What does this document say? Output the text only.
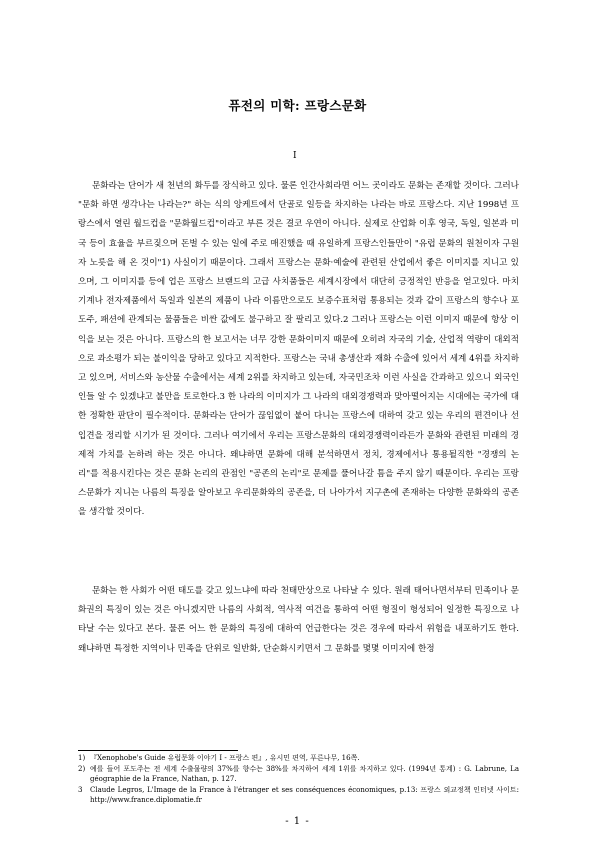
퓨전의 미학: 프랑스문화
I

문화라는 단어가 새 천년의 화두를 장식하고 있다. 물론 인간사회라면 어느 곳이라도 문화는 존재할 것이다. 그러나 "문화 하면 생각나는 나라는?" 하는 식의 앙케트에서 단골로 일등을 차지하는 나라는 바로 프랑스다. 지난 1998년 프랑스에서 열린 월드컵을 "문화월드컵"이라고 부른 것은 결코 우연이 아니다. 실제로 산업화 이후 영국, 독일, 일본과 미국 등이 효율을 부르짖으며 돈벌 수 있는 일에 주로 매진했을 때 유일하게 프랑스인들만이 "유럽 문화의 원천이자 구원자 노릇을 해 온 것이"1) 사실이기 때문이다. 그래서 프랑스는 문화·예술에 관련된 산업에서 좋은 이미지를 지니고 있으며, 그 이미지를 등에 업은 프랑스 브랜드의 고급 사치품들은 세계시장에서 대단히 긍정적인 반응을 얻고있다. 마치 기계나 전자제품에서 독일과 일본의 제품이 나라 이름만으로도 보증수표처럼 통용되는 것과 같이 프랑스의 향수나 포도주, 패션에 관계되는 물품들은 비싼 값에도 불구하고 잘 팔리고 있다.2 그러나 프랑스는 이런 이미지 때문에 항상 이익을 보는 것은 아니다. 프랑스의 한 보고서는 너무 강한 문화이미지 때문에 오히려 자국의 기술, 산업적 역량이 대외적으로 과소평가 되는 불이익을 당하고 있다고 지적한다. 프랑스는 국내 총생산과 재화 수출에 있어서 세계 4위를 차지하고 있으며, 서비스와 농산물 수출에서는 세계 2위를 차지하고 있는데, 자국민조차 이런 사실을 간과하고 있으니 외국인인들 알 수 있겠냐고 불만을 토로한다.3 한 나라의 이미지가 그 나라의 대외경쟁력과 맞아떨어지는 시대에는 국가에 대한 정확한 판단이 필수적이다. 문화라는 단어가 끊임없이 붙어 다니는 프랑스에 대하여 갖고 있는 우리의 편견이나 선입견을 정리할 시기가 된 것이다. 그러나 여기에서 우리는 프랑스문화의 대외경쟁력이라든가 문화와 관련된 미래의 경제적 가치를 논하려 하는 것은 아니다. 왜냐하면 문화에 대해 분석하면서 정치, 경제에서나 통용될직한 "경쟁의 논리"를 적용시킨다는 것은 문화 논리의 관점인 "공존의 논리"로 문제를 풀어나갈 틈을 주지 않기 때문이다. 우리는 프랑스문화가 지니는 나름의 특징을 알아보고 우리문화와의 공존을, 더 나아가서 지구촌에 존재하는 다양한 문화와의 공존을 생각할 것이다.

문화는 한 사회가 어떤 태도를 갖고 있느냐에 따라 천태만상으로 나타날 수 있다. 원래 태어나면서부터 민족이나 문화권의 특징이 있는 것은 아니겠지만 나름의 사회적, 역사적 여건을 통하여 어떤 형질이 형성되어 일정한 특징으로 나타날 수는 있다고 본다. 물론 어느 한 문화의 특징에 대하여 언급한다는 것은 경우에 따라서 위험을 내포하기도 한다. 왜냐하면 특정한 지역이나 민족을 단위로 일반화, 단순화시키면서 그 문화를 몇몇 이미지에 한정

1) 『Xenophobe's Guide 유럽문화 이야기 I - 프랑스 편』, 유시민 편역, 푸른나무, 16쪽.
2) 예를 들어 포도주는 전 세계 수출물량의 37%를 향수는 38%를 차지하여 세계 1위를 차지하고 있다. (1994년 통계) : G. Labrune, La géographie de la France, Nathan, p. 127.
3	Claude Legros, L'Image de la France à l'étranger et ses conséquences économiques, p.13: 프랑스 외교정책 인터넷 사이트: http://www.france.diplomatie.fr
- 1 -
